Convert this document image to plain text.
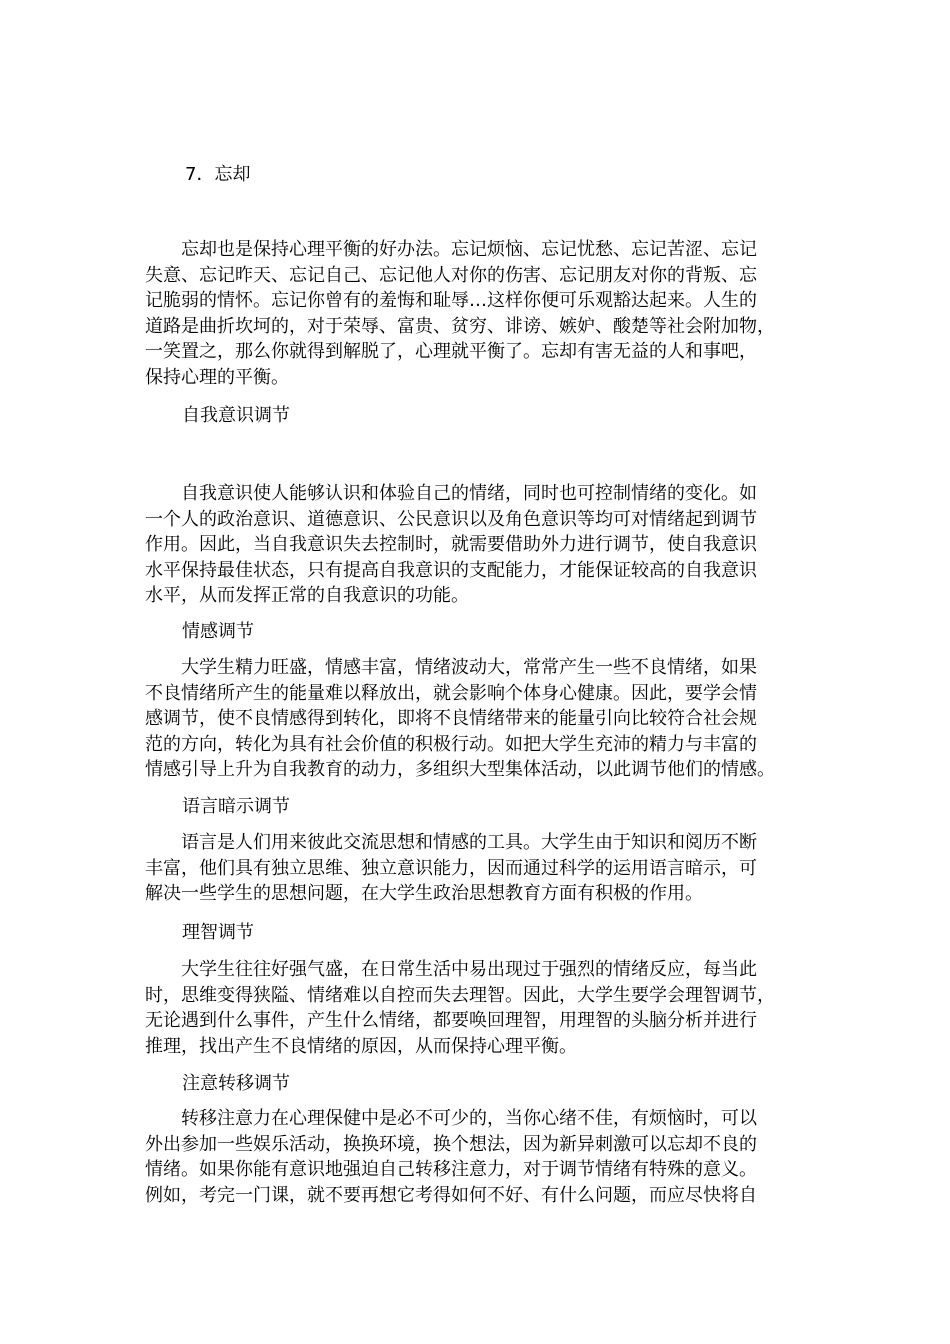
7．忘却
忘却也是保持心理平衡的好办法。忘记烦恼、忘记忧愁、忘记苦涩、忘记
失意、忘记昨天、忘记自己、忘记他人对你的伤害、忘记朋友对你的背叛、忘
记脆弱的情怀。忘记你曾有的羞悔和耻辱…这样你便可乐观豁达起来。人生的
道路是曲折坎坷的，对于荣辱、富贵、贫穷、诽谤、嫉妒、酸楚等社会附加物，
一笑置之，那么你就得到解脱了，心理就平衡了。忘却有害无益的人和事吧，
保持心理的平衡。
自我意识调节
自我意识使人能够认识和体验自己的情绪，同时也可控制情绪的变化。如
一个人的政治意识、道德意识、公民意识以及角色意识等均可对情绪起到调节
作用。因此，当自我意识失去控制时，就需要借助外力进行调节，使自我意识
水平保持最佳状态，只有提高自我意识的支配能力，才能保证较高的自我意识
水平，从而发挥正常的自我意识的功能。
情感调节
大学生精力旺盛，情感丰富，情绪波动大，常常产生一些不良情绪，如果
不良情绪所产生的能量难以释放出，就会影响个体身心健康。因此，要学会情
感调节，使不良情感得到转化，即将不良情绪带来的能量引向比较符合社会规
范的方向，转化为具有社会价值的积极行动。如把大学生充沛的精力与丰富的
情感引导上升为自我教育的动力，多组织大型集体活动，以此调节他们的情感。
语言暗示调节
语言是人们用来彼此交流思想和情感的工具。大学生由于知识和阅历不断
丰富，他们具有独立思维、独立意识能力，因而通过科学的运用语言暗示，可
解决一些学生的思想问题，在大学生政治思想教育方面有积极的作用。
理智调节
大学生往往好强气盛，在日常生活中易出现过于强烈的情绪反应，每当此
时，思维变得狭隘、情绪难以自控而失去理智。因此，大学生要学会理智调节，
无论遇到什么事件，产生什么情绪，都要唤回理智，用理智的头脑分析并进行
推理，找出产生不良情绪的原因，从而保持心理平衡。
注意转移调节
转移注意力在心理保健中是必不可少的，当你心绪不佳，有烦恼时，可以
外出参加一些娱乐活动，换换环境，换个想法，因为新异刺激可以忘却不良的
情绪。如果你能有意识地强迫自己转移注意力，对于调节情绪有特殊的意义。
例如，考完一门课，就不要再想它考得如何不好、有什么问题，而应尽快将自
